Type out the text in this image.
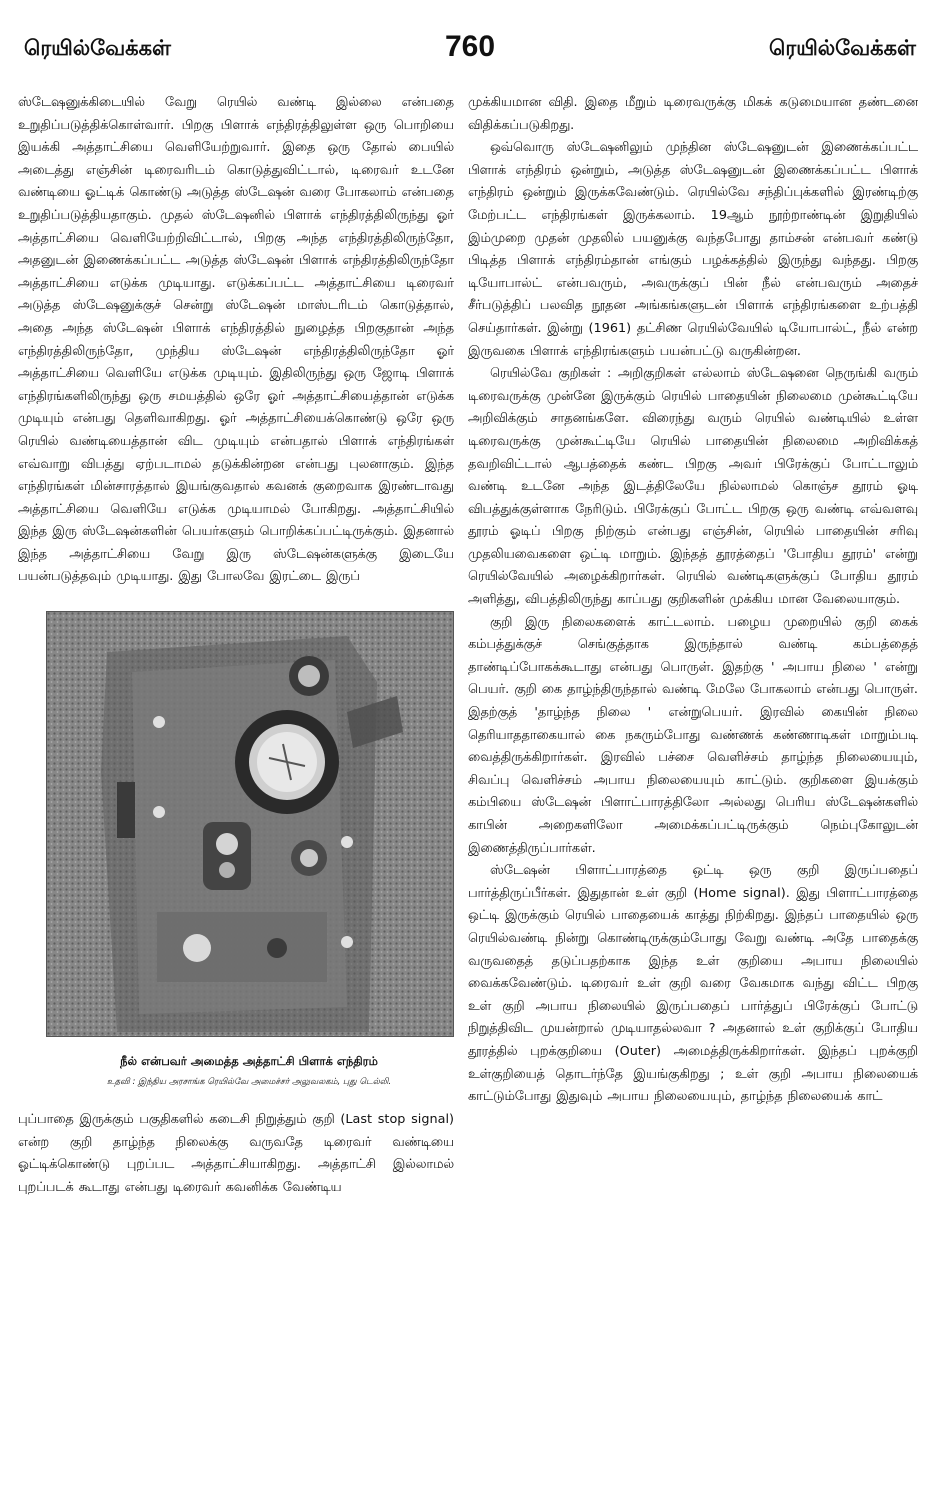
ரெயில்வேக்கள்	760	ரெயில்வேக்கள்

ஸ்டேஷனுக்கிடையில் வேறு ரெயில் வண்டி இல்லை என்பதை உறுதிப்படுத்திக்கொள்வார். பிறகு பிளாக் எந்திரத்திலுள்ள ஒரு பொறியை இயக்கி அத்தாட்சியை வெளியேற்றுவார். இதை ஒரு தோல் பையில் அடைத்து எஞ்சின் டிரைவரிடம் கொடுத்துவிட்டால், டிரைவர் உடனே வண்டியை ஓட்டிக் கொண்டு அடுத்த ஸ்டேஷன் வரை போகலாம் என்பதை உறுதிப்படுத்தியதாகும். முதல் ஸ்டேஷனில் பிளாக் எந்திரத்திலிருந்து ஓர் அத்தாட்சியை வெளியேற்றிவிட்டால், பிறகு அந்த எந்திரத்திலிருந்தோ, அதனுடன் இணைக்கப்பட்ட அடுத்த ஸ்டேஷன் பிளாக் எந்திரத்திலிருந்தோ அத்தாட்சியை எடுக்க முடியாது. எடுக்கப்பட்ட அத்தாட்சியை டிரைவர் அடுத்த ஸ்டேஷனுக்குச் சென்று ஸ்டேஷன் மாஸ்டரிடம் கொடுத்தால், அதை அந்த ஸ்டேஷன் பிளாக் எந்திரத்தில் நுழைத்த பிறகுதான் அந்த எந்திரத்திலிருந்தோ, முந்திய ஸ்டேஷன் எந்திரத்திலிருந்தோ ஓர் அத்தாட்சியை வெளியே எடுக்க முடியும். இதிலிருந்து ஒரு ஜோடி பிளாக் எந்திரங்களிலிருந்து ஒரு சமயத்தில் ஒரே ஓர் அத்தாட்சியைத்தான் எடுக்க முடியும் என்பது தெளிவாகிறது. ஓர் அத்தாட்சியைக்கொண்டு ஒரே ஒரு ரெயில் வண்டியைத்தான் விட முடியும் என்பதால் பிளாக் எந்திரங்கள் எவ்வாறு விபத்து ஏற்படாமல் தடுக்கின்றன என்பது புலனாகும். இந்த எந்திரங்கள் மின்சாரத்தால் இயங்குவதால் கவனக் குறைவாக இரண்டாவது அத்தாட்சியை வெளியே எடுக்க முடியாமல் போகிறது. அத்தாட்சியில் இந்த இரு ஸ்டேஷன்களின் பெயர்களும் பொறிக்கப்பட்டிருக்கும். இதனால் இந்த அத்தாட்சியை வேறு இரு ஸ்டேஷன்களுக்கு இடையே பயன்படுத்தவும் முடியாது. இது போலவே இரட்டை இருப்

நீல் என்பவர் அமைத்த அத்தாட்சி பிளாக் எந்திரம்
உதவி : இந்திய அரசாங்க ரெயில்வே அமைச்சர் அலுவலகம், புது டெல்லி.

புப்பாதை இருக்கும் பகுதிகளில் கடைசி நிறுத்தும் குறி (Last stop signal) என்ற குறி தாழ்ந்த நிலைக்கு வருவதே டிரைவர் வண்டியை ஓட்டிக்கொண்டு புறப்பட அத்தாட்சியாகிறது. அத்தாட்சி இல்லாமல் புறப்படக் கூடாது என்பது டிரைவர் கவனிக்க வேண்டிய

முக்கியமான விதி. இதை மீறும் டிரைவருக்கு மிகக் கடுமையான தண்டனை விதிக்கப்படுகிறது.

ஒவ்வொரு ஸ்டேஷனிலும் முந்தின ஸ்டேஷனுடன் இணைக்கப்பட்ட பிளாக் எந்திரம் ஒன்றும், அடுத்த ஸ்டேஷனுடன் இணைக்கப்பட்ட பிளாக் எந்திரம் ஒன்றும் இருக்கவேண்டும். ரெயில்வே சந்திப்புக்களில் இரண்டிற்கு மேற்பட்ட எந்திரங்கள் இருக்கலாம். 19ஆம் நூற்றாண்டின் இறுதியில் இம்முறை முதன் முதலில் பயனுக்கு வந்தபோது தாம்சன் என்பவர் கண்டு பிடித்த பிளாக் எந்திரம்தான் எங்கும் பழக்கத்தில் இருந்து வந்தது. பிறகு டியோபால்ட் என்பவரும், அவருக்குப் பின் நீல் என்பவரும் அதைச் சீர்படுத்திப் பலவித நூதன அங்கங்களுடன் பிளாக் எந்திரங்களை உற்பத்தி செய்தார்கள். இன்று (1961) தட்சிண ரெயில்வேயில் டியோபால்ட், நீல் என்ற இருவகை பிளாக் எந்திரங்களும் பயன்பட்டு வருகின்றன.

ரெயில்வே குறிகள் : அறிகுறிகள் எல்லாம் ஸ்டேஷனை நெருங்கி வரும் டிரைவருக்கு முன்னே இருக்கும் ரெயில் பாதையின் நிலைமை முன்கூட்டியே அறிவிக்கும் சாதனங்களே. விரைந்து வரும் ரெயில் வண்டியில் உள்ள டிரைவருக்கு முன்கூட்டியே ரெயில் பாதையின் நிலைமை அறிவிக்கத் தவறிவிட்டால் ஆபத்தைக் கண்ட பிறகு அவர் பிரேக்குப் போட்டாலும் வண்டி உடனே அந்த இடத்திலேயே நில்லாமல் கொஞ்ச தூரம் ஓடி விபத்துக்குள்ளாக நேரிடும். பிரேக்குப் போட்ட பிறகு ஒரு வண்டி எவ்வளவு தூரம் ஓடிப் பிறகு நிற்கும் என்பது எஞ்சின், ரெயில் பாதையின் சரிவு முதலியவைகளை ஒட்டி மாறும். இந்தத் தூரத்தைப் 'போதிய தூரம்' என்று ரெயில்வேயில் அழைக்கிறார்கள். ரெயில் வண்டிகளுக்குப் போதிய தூரம் அளித்து, விபத்திலிருந்து காப்பது குறிகளின் முக்கிய மான வேலையாகும்.

குறி இரு நிலைகளைக் காட்டலாம். பழைய முறையில் குறி கைக் கம்பத்துக்குச் செங்குத்தாக இருந்தால் வண்டி கம்பத்தைத் தாண்டிப்போகக்கூடாது என்பது பொருள். இதற்கு ' அபாய நிலை ' என்று பெயர். குறி கை தாழ்ந்திருந்தால் வண்டி மேலே போகலாம் என்பது பொருள். இதற்குத் 'தாழ்ந்த நிலை ' என்றுபெயர். இரவில் கையின் நிலை தெரியாததாகையால் கை நகரும்போது வண்ணக் கண்ணாடிகள் மாறும்படி வைத்திருக்கிறார்கள். இரவில் பச்சை வெளிச்சம் தாழ்ந்த நிலையையும், சிவப்பு வெளிச்சம் அபாய நிலையையும் காட்டும். குறிகளை இயக்கும் கம்பியை ஸ்டேஷன் பிளாட்பாரத்திலோ அல்லது பெரிய ஸ்டேஷன்களில் காபின் அறைகளிலோ அமைக்கப்பட்டிருக்கும் நெம்புகோலுடன் இணைத்திருப்பார்கள்.

ஸ்டேஷன் பிளாட்பாரத்தை ஒட்டி ஒரு குறி இருப்பதைப் பார்த்திருப்பீர்கள். இதுதான் உள் குறி (Home signal). இது பிளாட்பாரத்தை ஒட்டி இருக்கும் ரெயில் பாதையைக் காத்து நிற்கிறது. இந்தப் பாதையில் ஒரு ரெயில்வண்டி நின்று கொண்டிருக்கும்போது வேறு வண்டி அதே பாதைக்கு வருவதைத் தடுப்பதற்காக இந்த உள் குறியை அபாய நிலையில் வைக்கவேண்டும். டிரைவர் உள் குறி வரை வேகமாக வந்து விட்ட பிறகு உள் குறி அபாய நிலையில் இருப்பதைப் பார்த்துப் பிரேக்குப் போட்டு நிறுத்திவிட முயன்றால் முடியாதல்லவா ? அதனால் உள் குறிக்குப் போதிய தூரத்தில் புறக்குறியை (Outer) அமைத்திருக்கிறார்கள். இந்தப் புறக்குறி உள்குறியைத் தொடர்ந்தே இயங்குகிறது ; உள் குறி அபாய நிலையைக் காட்டும்போது இதுவும் அபாய நிலையையும், தாழ்ந்த நிலையைக் காட்
